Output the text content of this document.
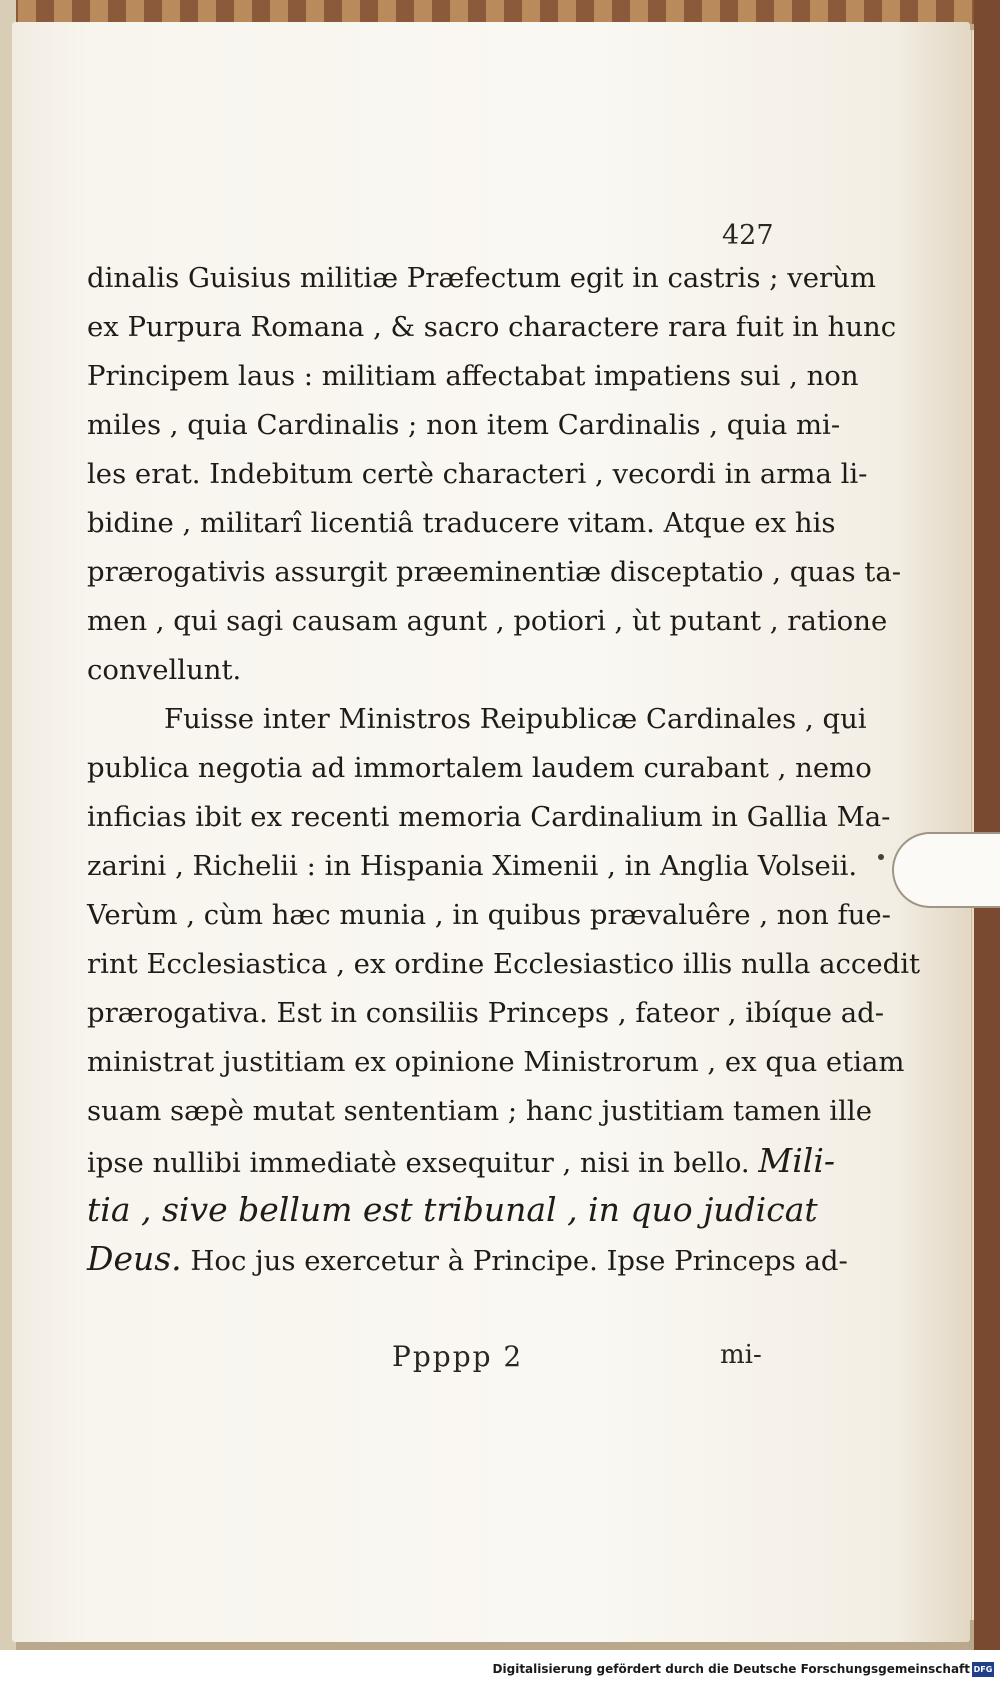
427
dinalis Guisius militiæ Præfectum egit in castris ; verùm
ex Purpura Romana , & sacro charactere rara fuit in hunc
Principem laus : militiam affectabat impatiens sui , non
miles , quia Cardinalis ; non item Cardinalis , quia mi-
les erat. Indebitum certè characteri , vecordi in arma li-
bidine , militarî licentiâ traducere vitam. Atque ex his
prærogativis assurgit præeminentiæ disceptatio , quas ta-
men , qui sagi causam agunt , potiori , ùt putant , ratione
convellunt.
Fuisse inter Ministros Reipublicæ Cardinales , qui
publica negotia ad immortalem laudem curabant , nemo
inficias ibit ex recenti memoria Cardinalium in Gallia Ma-
zarini , Richelii : in Hispania Ximenii , in Anglia Volseii.
Verùm , cùm hæc munia , in quibus prævaluêre , non fue-
rint Ecclesiastica , ex ordine Ecclesiastico illis nulla accedit
prærogativa. Est in consiliis Princeps , fateor , ibíque ad-
ministrat justitiam ex opinione Ministrorum , ex qua etiam
suam sæpè mutat sententiam ; hanc justitiam tamen ille
ipse nullibi immediatè exsequitur , nisi in bello. Mili-
tia , sive bellum est tribunal , in quo judicat
Deus. Hoc jus exercetur à Principe. Ipse Princeps ad-
Ppppp 2	mi-
Digitalisierung gefördert durch die Deutsche Forschungsgemeinschaft DFG
